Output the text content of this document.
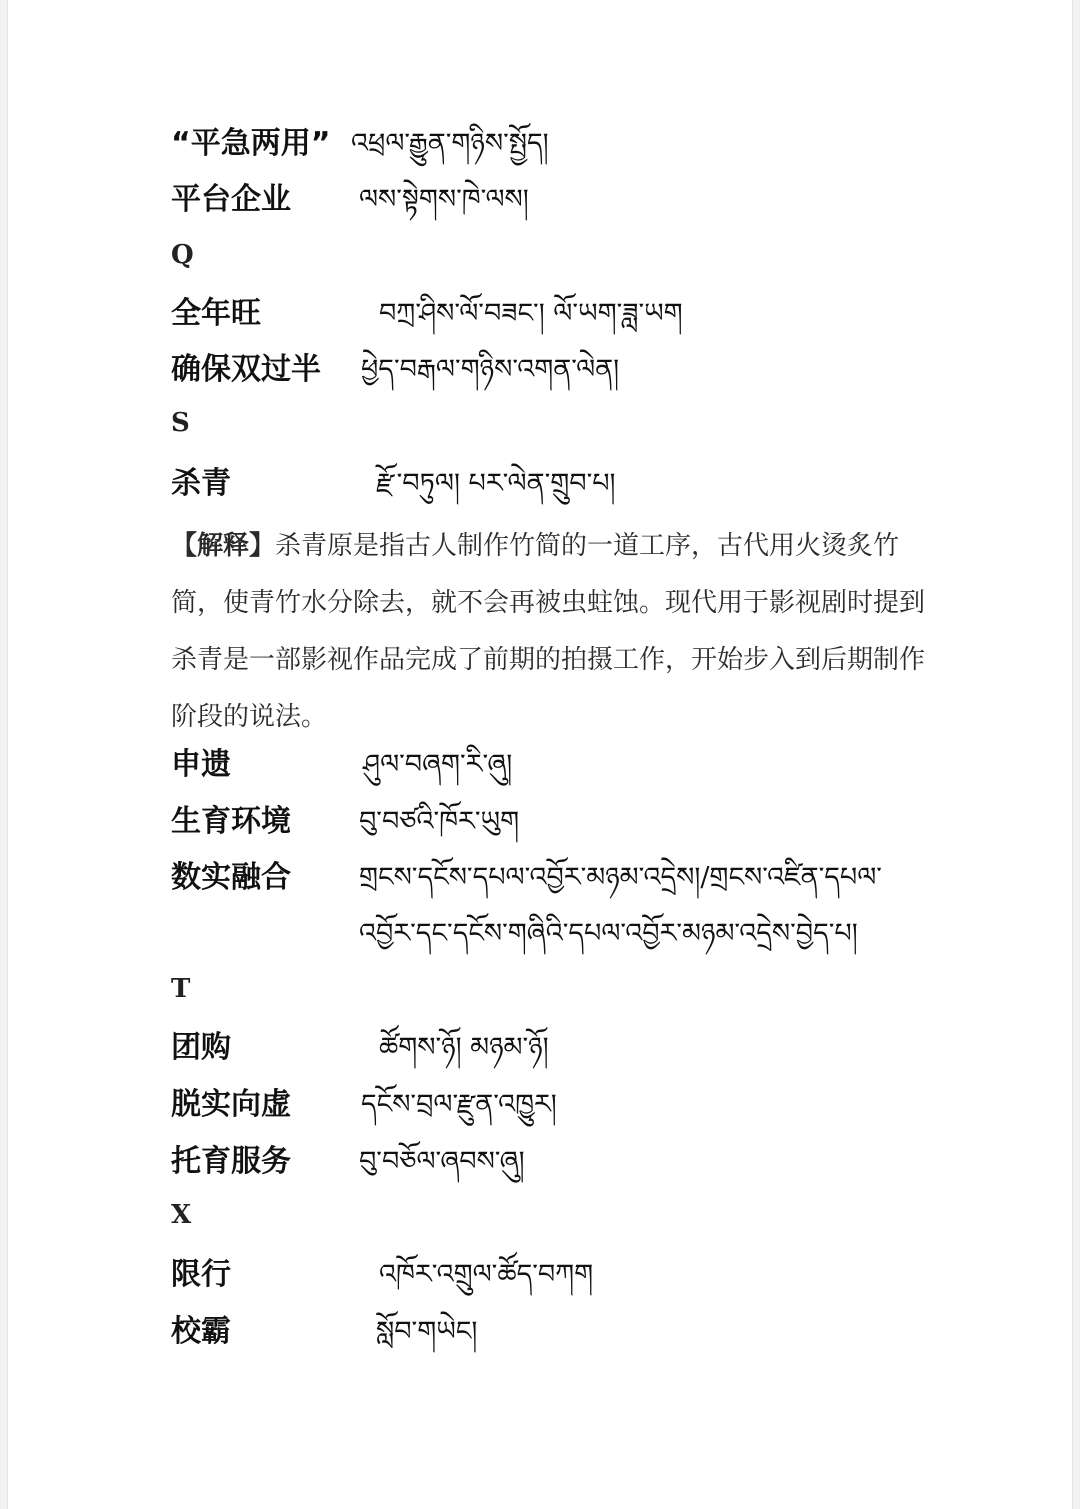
“平急两用” འཕྲལ་རྒྱུན་གཉིས་སྤྱོད།
平台企业	ལས་སྟེགས་ཁེ་ལས།
Q
全年旺	བཀྲ་ཤིས་ལོ་བཟང་། ལོ་ཡག་ཟླ་ཡག
确保双过半	ཕྱེད་བརྒལ་གཉིས་འགན་ལེན།
S
杀青	རྫོ་བཏུལ། པར་ལེན་གྲུབ་པ།

【解释】杀青原是指古人制作竹简的一道工序，古代用火烫炙竹简，使青竹水分除去，就不会再被虫蛀蚀。现代用于影视剧时提到杀青是一部影视作品完成了前期的拍摄工作，开始步入到后期制作阶段的说法。

申遗	ཤུལ་བཞག་རི་ཞུ།
生育环境	བུ་བཙའི་ཁོར་ཡུག
数实融合	གྲངས་དངོས་དཔལ་འབྱོར་མཉམ་འདྲེས།/གྲངས་འཛིན་དཔལ་འབྱོར་དང་དངོས་གཞིའི་དཔལ་འབྱོར་མཉམ་འདྲེས་བྱེད་པ།
T
团购	ཚོགས་ཉོ། མཉམ་ཉོ།
脱实向虚	དངོས་བྲལ་རྫུན་འཁྱུར།
托育服务	བུ་བཅོལ་ཞབས་ཞུ།
X
限行	འཁོར་འགྲུལ་ཚོད་བཀག
校霸	སློབ་གཡེང།
